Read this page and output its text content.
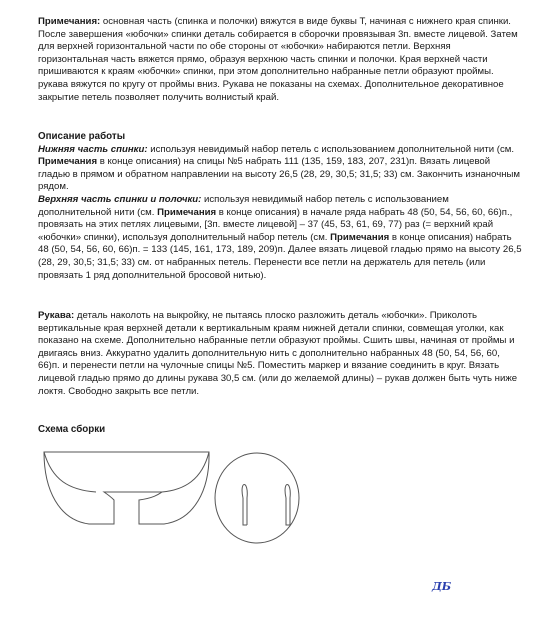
Примечания: основная часть (спинка и полочки) вяжутся в виде буквы Т, начиная с нижнего края спинки. После завершения «юбочки» спинки деталь собирается в сборочки провязывая 3п. вместе лицевой. Затем для верхней горизонтальной части по обе стороны от «юбочки» набираются петли. Верхняя горизонтальная часть вяжется прямо, образуя верхнюю часть спинки и полочки. Края верхней части пришиваются к краям «юбочки» спинки, при этом дополнительно набранные петли образуют проймы. рукава вяжутся по кругу от проймы вниз. Рукава не показаны на схемах. Дополнительное декоративное закрытие петель позволяет получить волнистый край.

Описание работы

Нижняя часть спинки: используя невидимый набор петель с использованием дополнительной нити (см. Примечания в конце описания) на спицы №5 набрать 111 (135, 159, 183, 207, 231)п. Вязать лицевой гладью в прямом и обратном направлении на высоту 26,5 (28, 29, 30,5; 31,5; 33) см. Закончить изнаночным рядом.

Верхняя часть спинки и полочки: используя невидимый набор петель с использованием дополнительной нити (см. Примечания в конце описания) в начале ряда набрать 48 (50, 54, 56, 60, 66)п., провязать на этих петлях лицевыми, [3п. вместе лицевой] – 37 (45, 53, 61, 69, 77) раз (= верхний край «юбочки» спинки), используя дополнительный набор петель (см. Примечания в конце описания) набрать 48 (50, 54, 56, 60, 66)п. = 133 (145, 161, 173, 189, 209)п. Далее вязать лицевой гладью прямо на высоту 26,5 (28, 29, 30,5; 31,5; 33) см. от набранных петель. Перенести все петли на держатель для петель (или провязать 1 ряд дополнительной бросовой нитью).

Рукава: деталь наколоть на выкройку, не пытаясь плоско разложить деталь «юбочки». Приколоть вертикальные края верхней детали к вертикальным краям нижней детали спинки, совмещая уголки, как показано на схеме. Дополнительно набранные петли образуют проймы. Сшить швы, начиная от проймы и двигаясь вниз. Аккуратно удалить дополнительную нить с дополнительно набранных 48 (50, 54, 56, 60, 66)п. и перенести петли на чулочные спицы №5. Поместить маркер и вязание соединить в круг. Вязать лицевой гладью прямо до длины рукава 30,5 см. (или до желаемой длины) – рукав должен быть чуть ниже локтя. Свободно закрыть все петли.

Схема сборки

ДБ
